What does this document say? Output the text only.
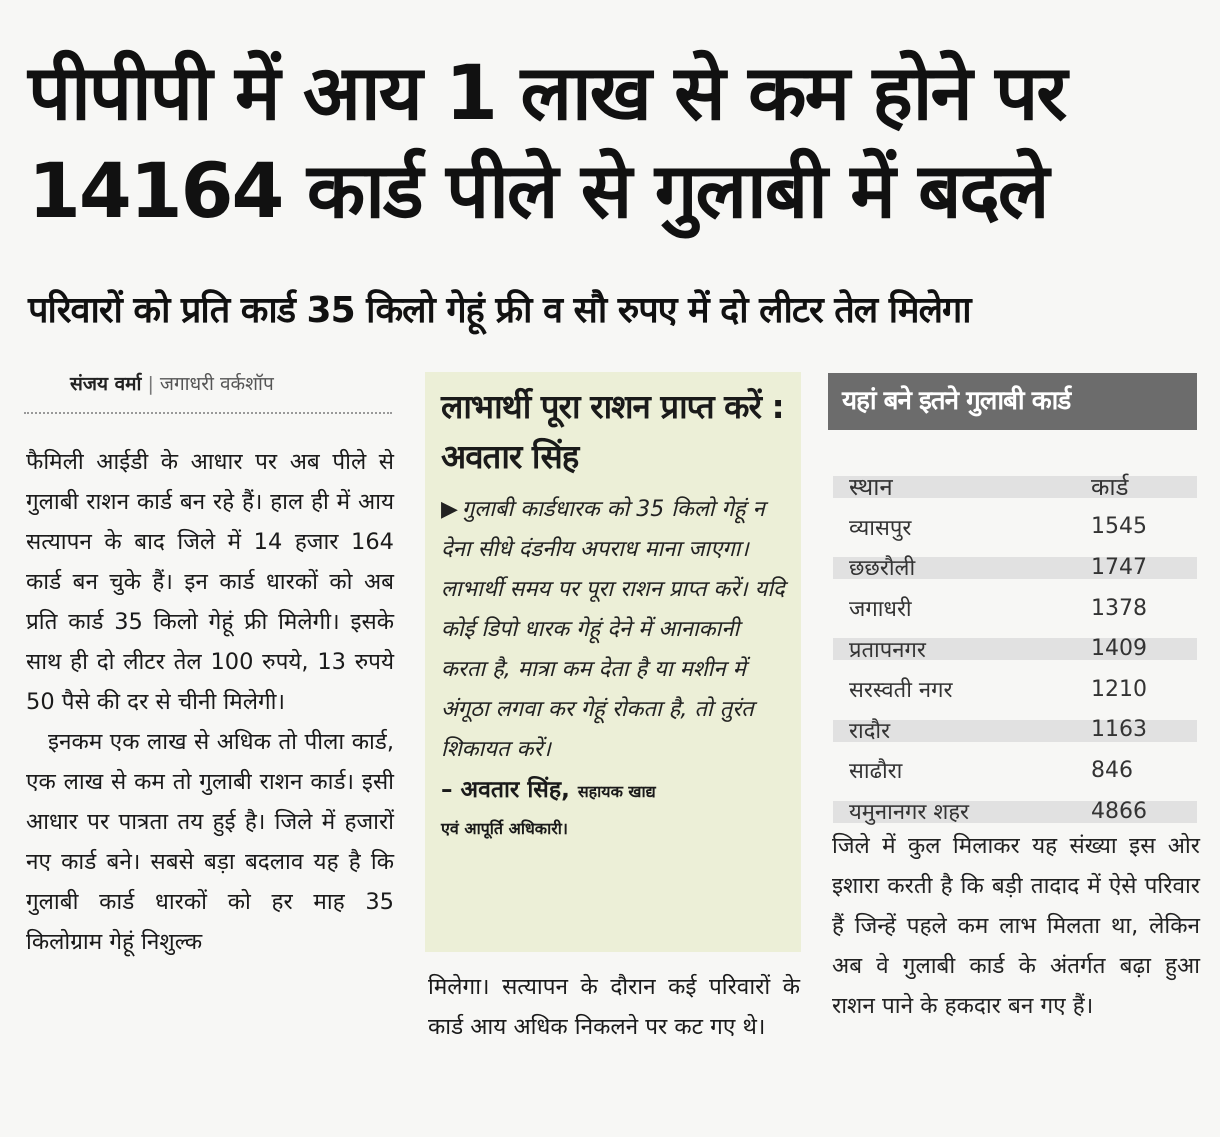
पीपीपी में आय 1 लाख से कम होने पर
14164 कार्ड पीले से गुलाबी में बदले
परिवारों को प्रति कार्ड 35 किलो गेहूं फ्री व सौ रुपए में दो लीटर तेल मिलेगा
संजय वर्मा | जगाधरी वर्कशॉप

फैमिली आईडी के आधार पर अब पीले से गुलाबी राशन कार्ड बन रहे हैं। हाल ही में आय सत्यापन के बाद जिले में 14 हजार 164 कार्ड बन चुके हैं। इन कार्ड धारकों को अब प्रति कार्ड 35 किलो गेहूं फ्री मिलेगी। इसके साथ ही दो लीटर तेल 100 रुपये, 13 रुपये 50 पैसे की दर से चीनी मिलेगी।

इनकम एक लाख से अधिक तो पीला कार्ड, एक लाख से कम तो गुलाबी राशन कार्ड। इसी आधार पर पात्रता तय हुई है। जिले में हजारों नए कार्ड बने। सबसे बड़ा बदलाव यह है कि गुलाबी कार्ड धारकों को हर माह 35 किलोग्राम गेहूं निशुल्क

लाभार्थी पूरा राशन प्राप्त करें : अवतार सिंह
▶ गुलाबी कार्डधारक को 35 किलो गेहूं न देना सीधे दंडनीय अपराध माना जाएगा। लाभार्थी समय पर पूरा राशन प्राप्त करें। यदि कोई डिपो धारक गेहूं देने में आनाकानी करता है, मात्रा कम देता है या मशीन में अंगूठा लगवा कर गेहूं रोकता है, तो तुरंत शिकायत करें।
– अवतार सिंह, सहायक खाद्य
एवं आपूर्ति अधिकारी।
मिलेगा। सत्यापन के दौरान कई परिवारों के कार्ड आय अधिक निकलने पर कट गए थे।
यहां बने इतने गुलाबी कार्ड
स्थान	कार्ड
व्यासपुर	1545
छछरौली	1747
जगाधरी	1378
प्रतापनगर	1409
सरस्वती नगर	1210
रादौर	1163
साढौरा	846
यमुनानगर शहर	4866
जिले में कुल मिलाकर यह संख्या इस ओर इशारा करती है कि बड़ी तादाद में ऐसे परिवार हैं जिन्हें पहले कम लाभ मिलता था, लेकिन अब वे गुलाबी कार्ड के अंतर्गत बढ़ा हुआ राशन पाने के हकदार बन गए हैं।
